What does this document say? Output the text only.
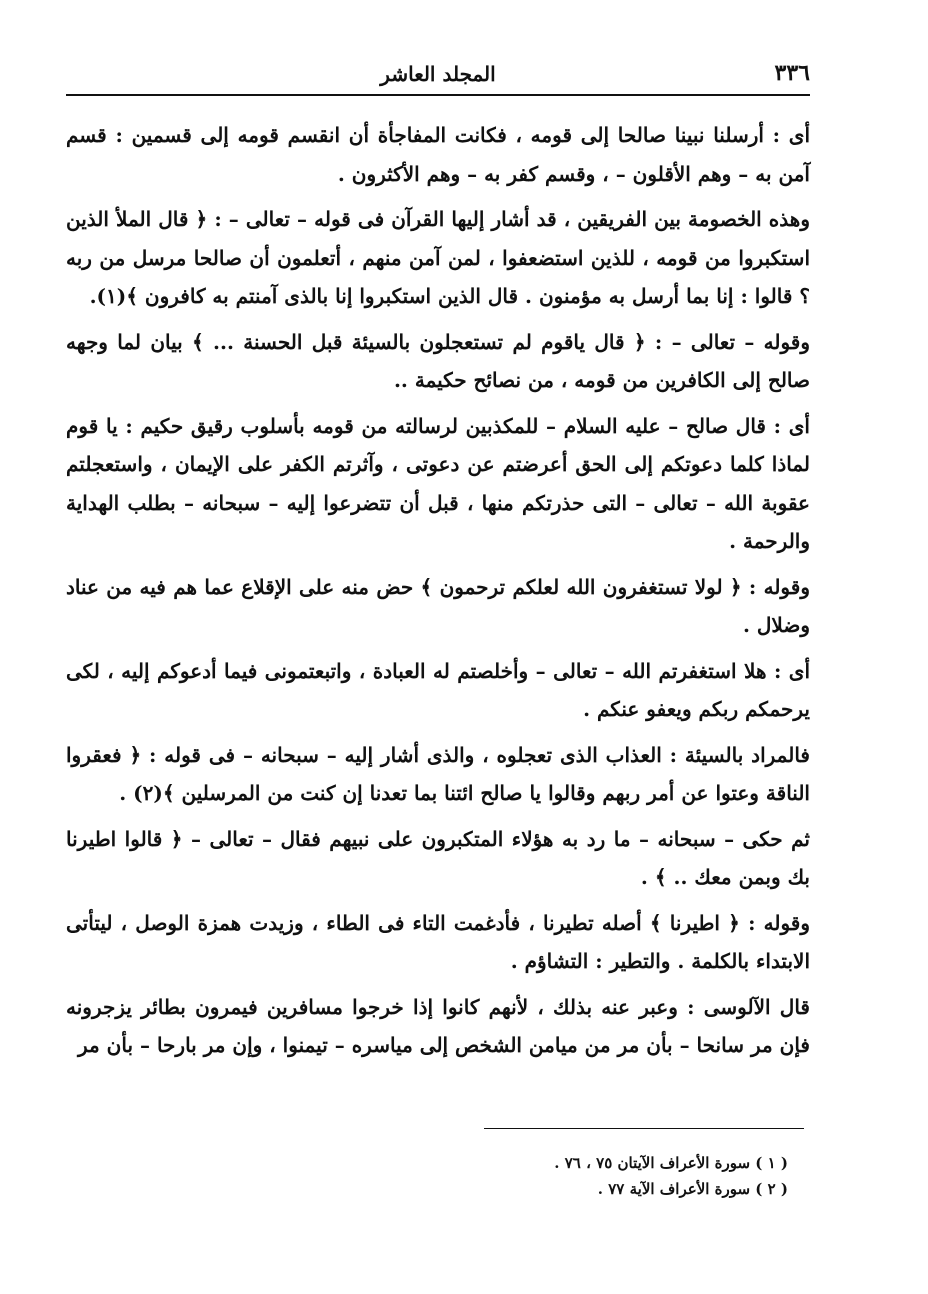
٣٣٦
المجلد العاشر

أى : أرسلنا نبينا صالحا إلى قومه ، فكانت المفاجأة أن انقسم قومه إلى قسمين : قسم آمن به – وهم الأقلون – ، وقسم كفر به – وهم الأكثرون .

وهذه الخصومة بين الفريقين ، قد أشار إليها القرآن فى قوله – تعالى – : ﴿ قال الملأ الذين استكبروا من قومه ، للذين استضعفوا ، لمن آمن منهم ، أتعلمون أن صالحا مرسل من ربه ؟ قالوا : إنا بما أرسل به مؤمنون . قال الذين استكبروا إنا بالذى آمنتم به كافرون ﴾(١).

وقوله – تعالى – : ﴿ قال ياقوم لم تستعجلون بالسيئة قبل الحسنة ... ﴾ بيان لما وجهه صالح إلى الكافرين من قومه ، من نصائح حكيمة ..

أى : قال صالح – عليه السلام – للمكذبين لرسالته من قومه بأسلوب رقيق حكيم : يا قوم لماذا كلما دعوتكم إلى الحق أعرضتم عن دعوتى ، وآثرتم الكفر على الإيمان ، واستعجلتم عقوبة الله – تعالى – التى حذرتكم منها ، قبل أن تتضرعوا إليه – سبحانه – بطلب الهداية والرحمة .

وقوله : ﴿ لولا تستغفرون الله لعلكم ترحمون ﴾ حض منه على الإقلاع عما هم فيه من عناد وضلال .

أى : هلا استغفرتم الله – تعالى – وأخلصتم له العبادة ، واتبعتمونى فيما أدعوكم إليه ، لكى يرحمكم ربكم ويعفو عنكم .

فالمراد بالسيئة : العذاب الذى تعجلوه ، والذى أشار إليه – سبحانه – فى قوله : ﴿ فعقروا الناقة وعتوا عن أمر ربهم وقالوا يا صالح ائتنا بما تعدنا إن كنت من المرسلين ﴾(٢) .

ثم حكى – سبحانه – ما رد به هؤلاء المتكبرون على نبيهم فقال – تعالى – ﴿ قالوا اطيرنا بك وبمن معك .. ﴾ .

وقوله : ﴿ اطيرنا ﴾ أصله تطيرنا ، فأدغمت التاء فى الطاء ، وزيدت همزة الوصل ، ليتأتى الابتداء بالكلمة . والتطير : التشاؤم .

قال الآلوسى : وعبر عنه بذلك ، لأنهم كانوا إذا خرجوا مسافرين فيمرون بطائر يزجرونه فإن مر سانحا – بأن مر من ميامن الشخص إلى مياسره – تيمنوا ، وإن مر بارحا – بأن مر

( ١ ) سورة الأعراف الآيتان ٧٥ ، ٧٦ .
( ٢ ) سورة الأعراف الآية ٧٧ .
